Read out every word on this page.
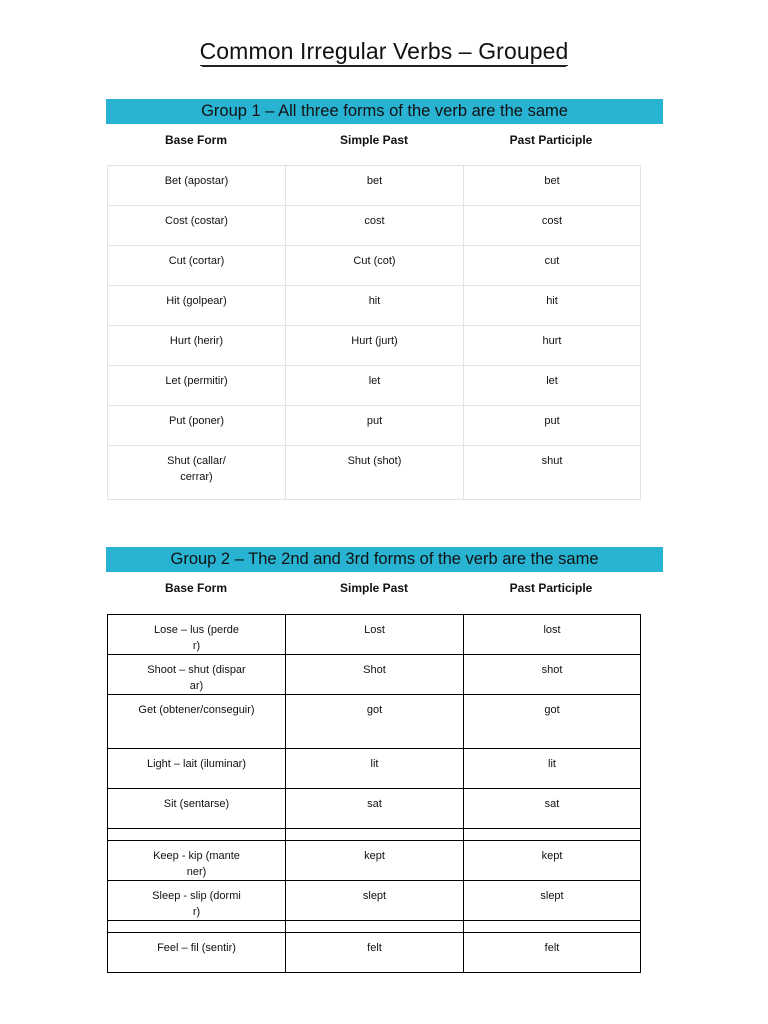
Common Irregular Verbs – Grouped
Group 1 – All three forms of the verb are the same
Base Form	Simple Past	Past Participle
Bet (apostar)	bet	bet
Cost (costar)	cost	cost
Cut (cortar)	Cut (cot)	cut
Hit (golpear)	hit	hit
Hurt (herir)	Hurt (jurt)	hurt
Let (permitir)	let	let
Put (poner)	put	put
Shut (callar/cerrar)	Shut (shot)	shut
Group 2 – The 2nd and 3rd forms of the verb are the same
Base Form	Simple Past	Past Participle
Lose – lus (perder)	Lost	lost
Shoot – shut (disparar)	Shot	shot
Get (obtener/conseguir)	got	got
Light – lait (iluminar)	lit	lit
Sit (sentarse)	sat	sat

Keep - kip (mantener)	kept	kept
Sleep - slip (dormir)	slept	slept

Feel – fil (sentir)	felt	felt
